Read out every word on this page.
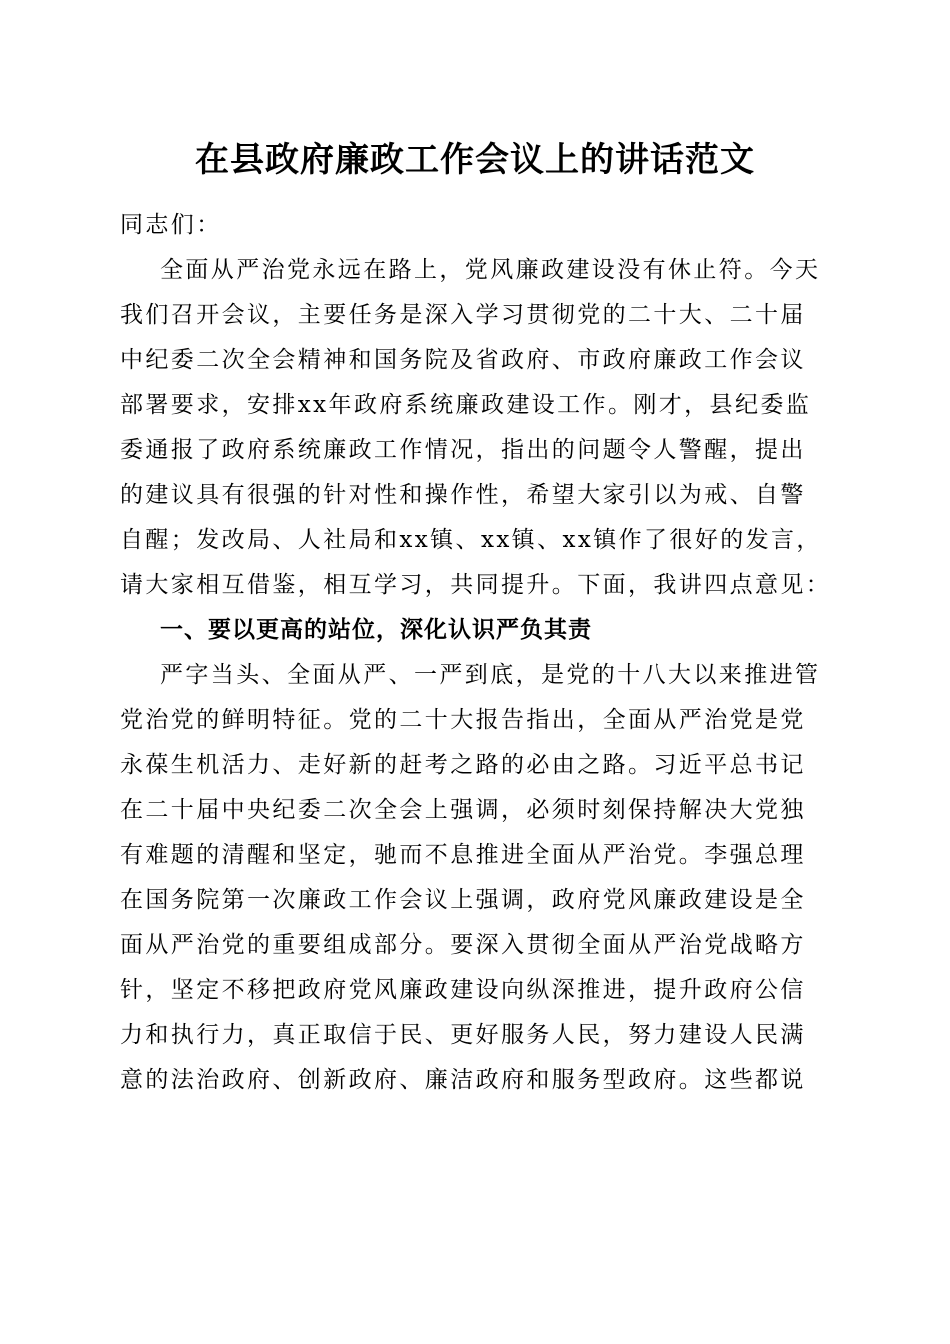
在县政府廉政工作会议上的讲话范文
同志们：
全面从严治党永远在路上，党风廉政建设没有休止符。今天
我们召开会议，主要任务是深入学习贯彻党的二十大、二十届
中纪委二次全会精神和国务院及省政府、市政府廉政工作会议
部署要求，安排xx年政府系统廉政建设工作。刚才，县纪委监
委通报了政府系统廉政工作情况，指出的问题令人警醒，提出
的建议具有很强的针对性和操作性，希望大家引以为戒、自警
自醒；发改局、人社局和xx镇、xx镇、xx镇作了很好的发言，
请大家相互借鉴，相互学习，共同提升。下面，我讲四点意见：
一、要以更高的站位，深化认识严负其责
严字当头、全面从严、一严到底，是党的十八大以来推进管
党治党的鲜明特征。党的二十大报告指出，全面从严治党是党
永葆生机活力、走好新的赶考之路的必由之路。习近平总书记
在二十届中央纪委二次全会上强调，必须时刻保持解决大党独
有难题的清醒和坚定，驰而不息推进全面从严治党。李强总理
在国务院第一次廉政工作会议上强调，政府党风廉政建设是全
面从严治党的重要组成部分。要深入贯彻全面从严治党战略方
针，坚定不移把政府党风廉政建设向纵深推进，提升政府公信
力和执行力，真正取信于民、更好服务人民，努力建设人民满
意的法治政府、创新政府、廉洁政府和服务型政府。这些都说
